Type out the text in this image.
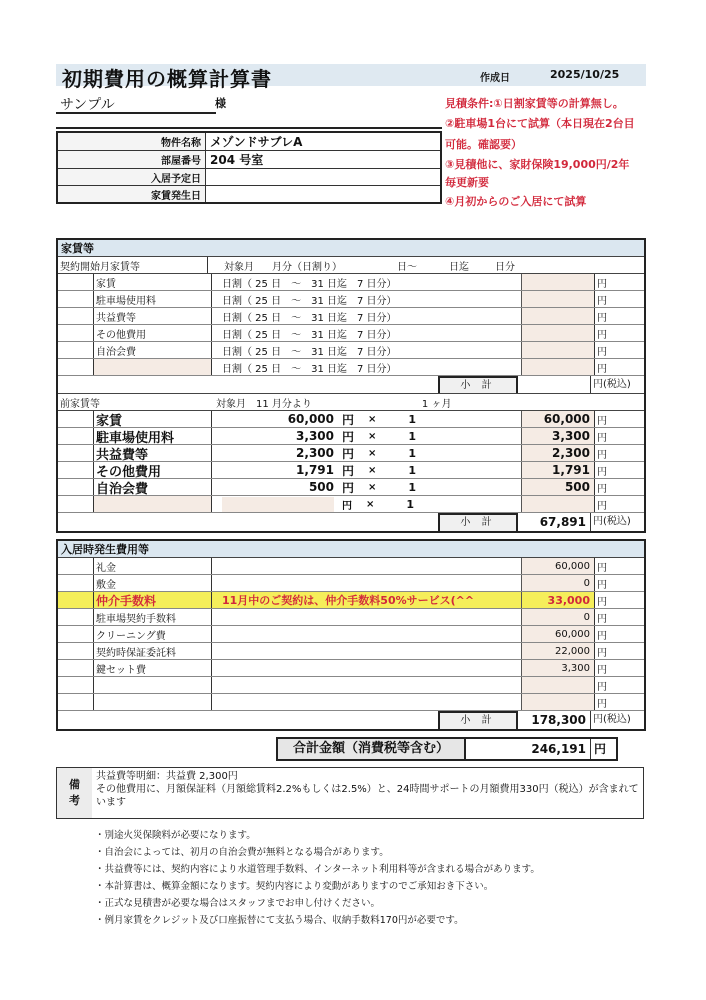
初期費用の概算計算書	作成日	2025/10/25
サンプル	様	見積条件:①日割家賃等の計算無し。
②駐車場1台にて試算（本日現在2台目
可能。確認要）
③見積他に、家財保険19,000円/2年
毎更新要
④月初からのご入居にて試算
物件名称	メゾンドサブレA
部屋番号	204 号室
入居予定日	
家賃発生日	
家賃等
契約開始月家賃等	対象月 月分（日割り）	日～	日迄	日分
家賃	日割（ 25 日　～　31 日迄　7 日分）	円
駐車場使用料	日割（ 25 日　～　31 日迄　7 日分）	円
共益費等	日割（ 25 日　～　31 日迄　7 日分）	円
その他費用	日割（ 25 日　～　31 日迄　7 日分）	円
自治会費	日割（ 25 日　～　31 日迄　7 日分）	円
日割（ 25 日　～　31 日迄　7 日分）	円
小 計	円(税込)
前家賃等	対象月　11 月分より	1 ヶ月
家賃	60,000 円 ×	1	60,000 円
駐車場使用料	3,300 円 ×	1	3,300 円
共益費等	2,300 円 ×	1	2,300 円
その他費用	1,791 円 ×	1	1,791 円
自治会費	500 円 ×	1	500 円
円 ×	1	円
小 計	67,891 円(税込)
入居時発生費用等
礼金	60,000 円
敷金	0 円
仲介手数料	11月中のご契約は、仲介手数料50%サービス(^^	33,000 円
駐車場契約手数料	0 円
クリーニング費	60,000 円
契約時保証委託料	22,000 円
鍵セット費	3,300 円
円
円
小 計	178,300 円(税込)
合計金額（消費税等含む）	246,191 円
備
考
共益費等明細：共益費 2,300円
その他費用に、月額保証料（月額総賃料2.2%もしくは2.5%）と、24時間サポートの月額費用330円（税込）が含まれています
・別途火災保険料が必要になります。
・自治会によっては、初月の自治会費が無料となる場合があります。
・共益費等には、契約内容により水道管理手数料、インターネット利用料等が含まれる場合があります。
・本計算書は、概算金額になります。契約内容により変動がありますのでご承知おき下さい。
・正式な見積書が必要な場合はスタッフまでお申し付けください。
・例月家賃をクレジット及び口座振替にて支払う場合、収納手数料170円が必要です。
